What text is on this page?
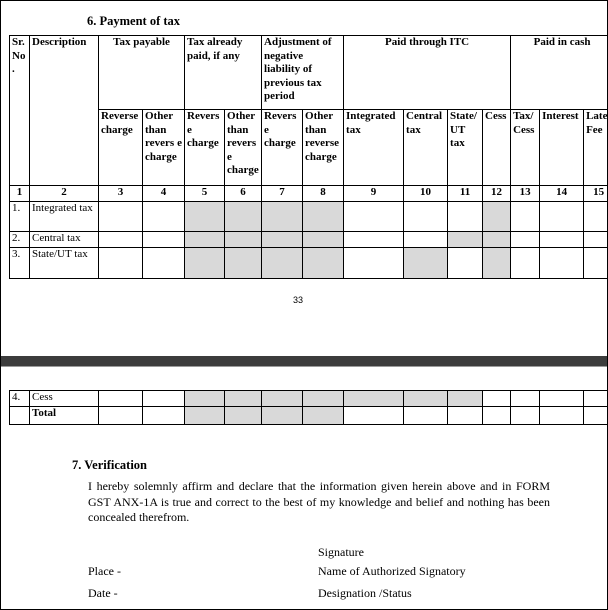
6. Payment of tax
Sr. No.	Description	Tax payable		Tax already paid, if any		Adjustment of negative liability of previous tax period		Paid through ITC				Paid in cash		
		Reverse charge	Other than revers e charge	Reverse charge	Other than reverse charge	Reverse charge	Other than reverse charge	Integrated tax	Central tax	State/ UT tax	Cess	Tax/ Cess	Interest	Late Fee
1	2	3	4	5	6	7	8	9	10	11	12	13	14	15
1.	Integrated tax													
2.	Central tax													
3.	State/UT tax													
33
4.	Cess													
	Total													
7. Verification
I hereby solemnly affirm and declare that the information given herein above and in FORM GST ANX-1A is true and correct to the best of my knowledge and belief and nothing has been concealed therefrom.
Signature
Place -	Name of Authorized Signatory
Date -	Designation /Status
